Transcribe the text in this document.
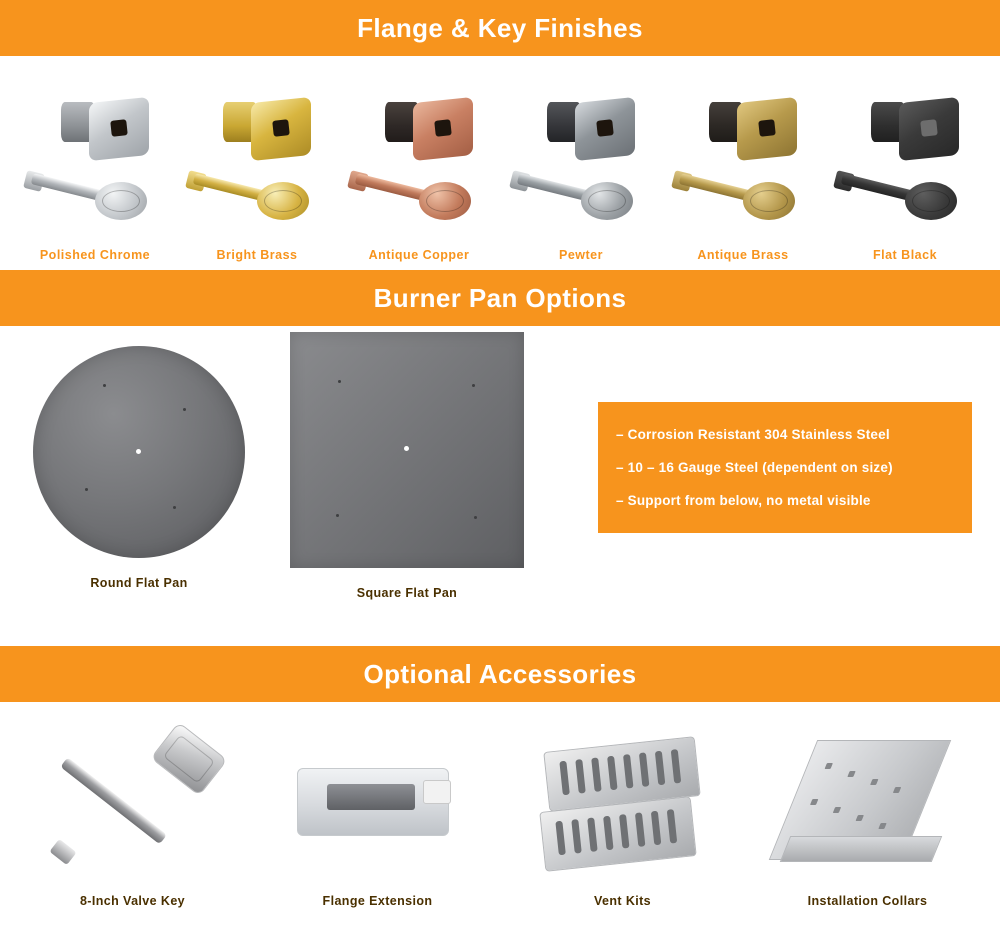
Flange & Key Finishes
Polished Chrome	Bright Brass	Antique Copper	Pewter	Antique Brass	Flat Black
Burner Pan Options
Round Flat Pan
Square Flat Pan
– Corrosion Resistant 304 Stainless Steel
– 10 – 16 Gauge Steel (dependent on size)
– Support from below, no metal visible
Optional Accessories
8-Inch Valve Key	Flange Extension	Vent Kits	Installation Collars
